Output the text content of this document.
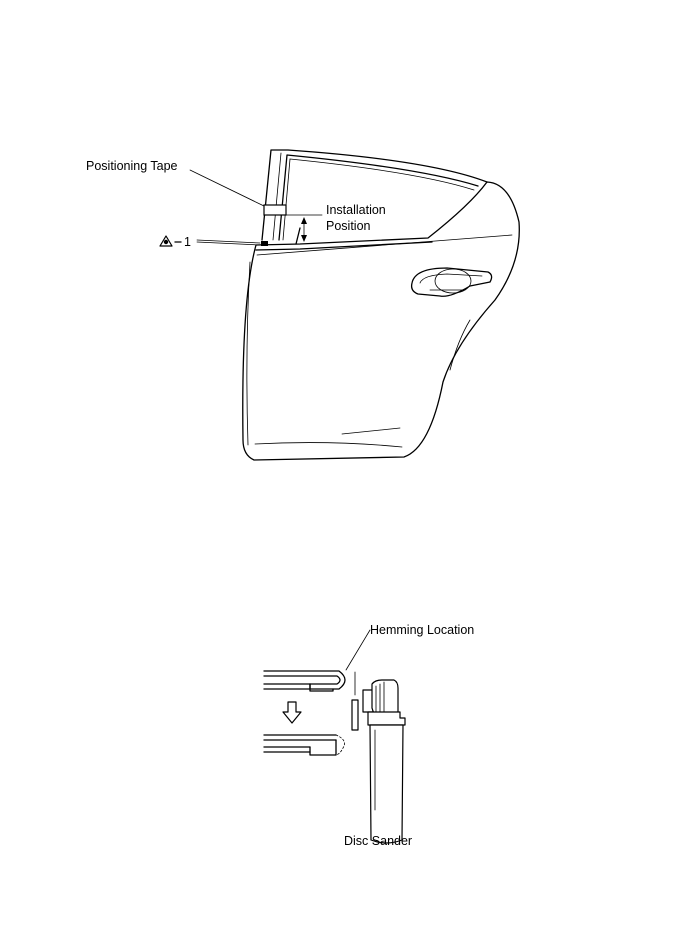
Positioning Tape
Installation
Position
1
Hemming Location
Disc Sander
